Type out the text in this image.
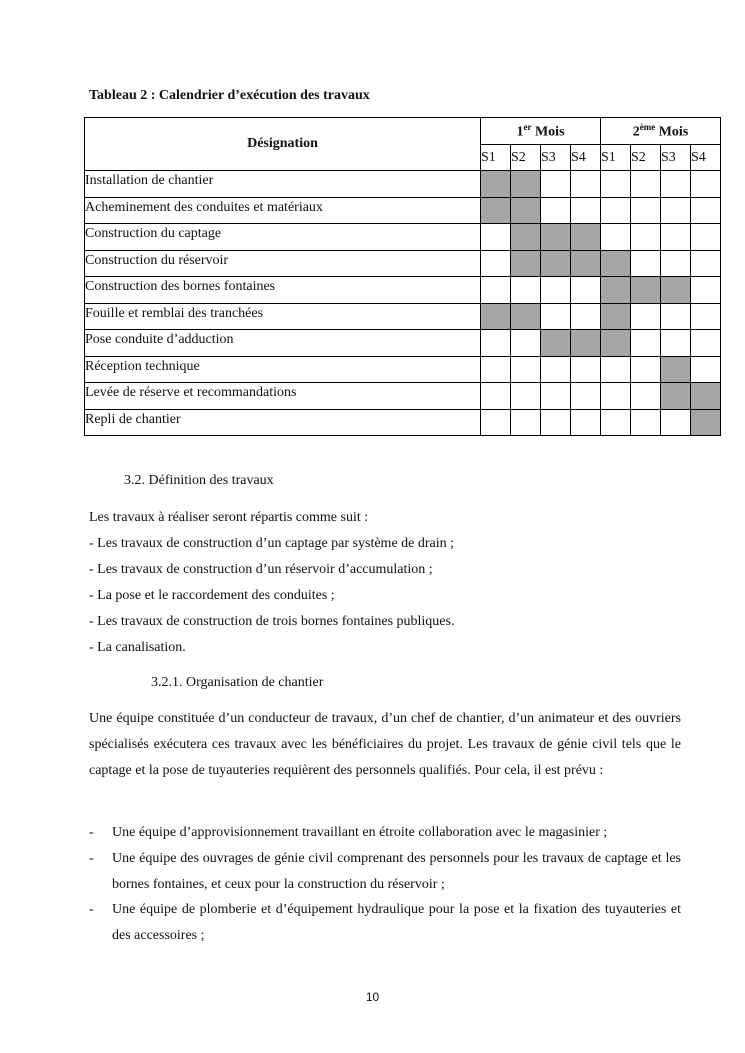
Tableau 2 : Calendrier d’exécution des travaux
Désignation	1er Mois				2ème Mois			
	S1	S2	S3	S4	S1	S2	S3	S4
Installation de chantier								
Acheminement des conduites et matériaux								
Construction du captage								
Construction du réservoir								
Construction des bornes fontaines								
Fouille et remblai des tranchées								
Pose conduite d’adduction								
Réception technique								
Levée de réserve et recommandations								
Repli de chantier								
3.2. Définition des travaux
Les travaux à réaliser seront répartis comme suit :
- Les travaux de construction d’un captage par système de drain ;
- Les travaux de construction d’un réservoir d’accumulation ;
- La pose et le raccordement des conduites ;
- Les travaux de construction de trois bornes fontaines publiques.
- La canalisation.
3.2.1. Organisation de chantier
Une équipe constituée d’un conducteur de travaux, d’un chef de chantier, d’un animateur et des ouvriers spécialisés exécutera ces travaux avec les bénéficiaires du projet. Les travaux de génie civil tels que le captage et la pose de tuyauteries requièrent des personnels qualifiés. Pour cela, il est prévu :
- Une équipe d’approvisionnement travaillant en étroite collaboration avec le magasinier ;
- Une équipe des ouvrages de génie civil comprenant des personnels pour les travaux de captage et les bornes fontaines, et ceux pour la construction du réservoir ;
- Une équipe de plomberie et d’équipement hydraulique pour la pose et la fixation des tuyauteries et des accessoires ;
10
